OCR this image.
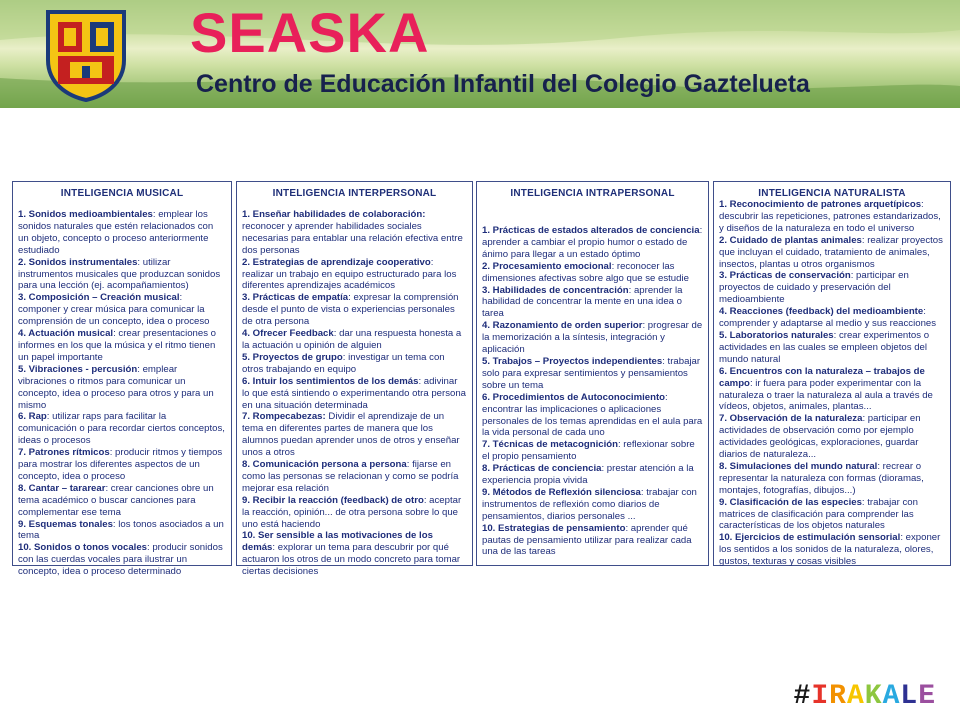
SEASKA

Centro de Educación Infantil del Colegio Gaztelueta

INTELIGENCIA MUSICAL
1. Sonidos medioambientales: emplear los sonidos naturales que estén relacionados con un objeto, concepto o proceso anteriormente estudiado
2. Sonidos instrumentales: utilizar instrumentos musicales que produzcan sonidos para una lección (ej. acompañamientos)
3. Composición – Creación musical: componer y crear música para comunicar la comprensión de un concepto, idea o proceso
4. Actuación musical: crear presentaciones o informes en los que la música y el ritmo tienen un papel importante
5. Vibraciones - percusión: emplear vibraciones o ritmos para comunicar un concepto, idea o proceso para otros y para un mismo
6. Rap: utilizar raps para facilitar la comunicación o para recordar ciertos conceptos, ideas o procesos
7. Patrones rítmicos: producir ritmos y tiempos para mostrar los diferentes aspectos de un concepto, idea o proceso
8. Cantar – tararear: crear canciones obre un tema académico o buscar canciones para complementar ese tema
9. Esquemas tonales: los tonos asociados a un tema
10. Sonidos o tonos vocales: producir sonidos con las cuerdas vocales para ilustrar un concepto, idea o proceso determinado
INTELIGENCIA INTERPERSONAL
1. Enseñar habilidades de colaboración: reconocer y aprender habilidades sociales necesarias para entablar una relación efectiva entre dos personas
2. Estrategias de aprendizaje cooperativo: realizar un trabajo en equipo estructurado para los diferentes aprendizajes académicos
3. Prácticas de empatía: expresar la comprensión desde el punto de vista o experiencias personales de otra persona
4. Ofrecer Feedback: dar una respuesta honesta a la actuación u opinión de alguien
5. Proyectos de grupo: investigar un tema con otros trabajando en equipo
6. Intuir los sentimientos de los demás: adivinar lo que está sintiendo o experimentando otra persona en una situación determinada
7. Rompecabezas: Dividir el aprendizaje de un tema en diferentes partes de manera que los alumnos puedan aprender unos de otros y enseñar unos a otros
8. Comunicación persona a persona: fijarse en como las personas se relacionan y como se podría mejorar esa relación
9. Recibir la reacción (feedback) de otro: aceptar la reacción, opinión... de otra persona sobre lo que uno está haciendo
10. Ser sensible a las motivaciones de los demás: explorar un tema para descubrir por qué actuaron los otros de un modo concreto para tomar ciertas decisiones
INTELIGENCIA INTRAPERSONAL
1. Prácticas de estados alterados de conciencia: aprender a cambiar el propio humor o estado de ánimo para llegar a un estado óptimo
2. Procesamiento emocional: reconocer las dimensiones afectivas sobre algo que se estudie
3. Habilidades de concentración: aprender la habilidad de concentrar la mente en una idea o tarea
4. Razonamiento de orden superior: progresar de la memorización a la síntesis, integración y aplicación
5. Trabajos – Proyectos independientes: trabajar solo para expresar sentimientos y pensamientos sobre un tema
6. Procedimientos de Autoconocimiento: encontrar las implicaciones o aplicaciones personales de los temas aprendidas en el aula para la vida personal de cada uno
7. Técnicas de metacognición: reflexionar sobre el propio pensamiento
8. Prácticas de conciencia: prestar atención a la experiencia propia vivida
9. Métodos de Reflexión silenciosa: trabajar con instrumentos de reflexión como diarios de pensamientos, diarios personales ...
10. Estrategias de pensamiento: aprender qué pautas de pensamiento utilizar para realizar cada una de las tareas
INTELIGENCIA NATURALISTA
1. Reconocimiento de patrones arquetípicos: descubrir las repeticiones, patrones estandarizados, y diseños de la naturaleza en todo el universo
2. Cuidado de plantas animales: realizar proyectos que incluyan el cuidado, tratamiento de animales, insectos, plantas u otros organismos
3. Prácticas de conservación: participar en proyectos de cuidado y preservación del medioambiente
4. Reacciones (feedback) del medioambiente: comprender y adaptarse al medio y sus reacciones
5. Laboratorios naturales: crear experimentos o actividades en las cuales se empleen objetos del mundo natural
6. Encuentros con la naturaleza – trabajos de campo: ir fuera para poder experimentar con la naturaleza o traer la naturaleza al aula a través de vídeos, objetos, animales, plantas...
7. Observación de la naturaleza: participar en actividades de observación como por ejemplo actividades geológicas, exploraciones, guardar diarios de naturaleza...
8. Simulaciones del mundo natural: recrear o representar la naturaleza con formas (dioramas, montajes, fotografías, dibujos...)
9. Clasificación de las especies: trabajar con matrices de clasificación para comprender las características de los objetos naturales
10. Ejercicios de estimulación sensorial: exponer los sentidos a los sonidos de la naturaleza, olores, gustos, texturas y cosas visibles
#IRAKALE
